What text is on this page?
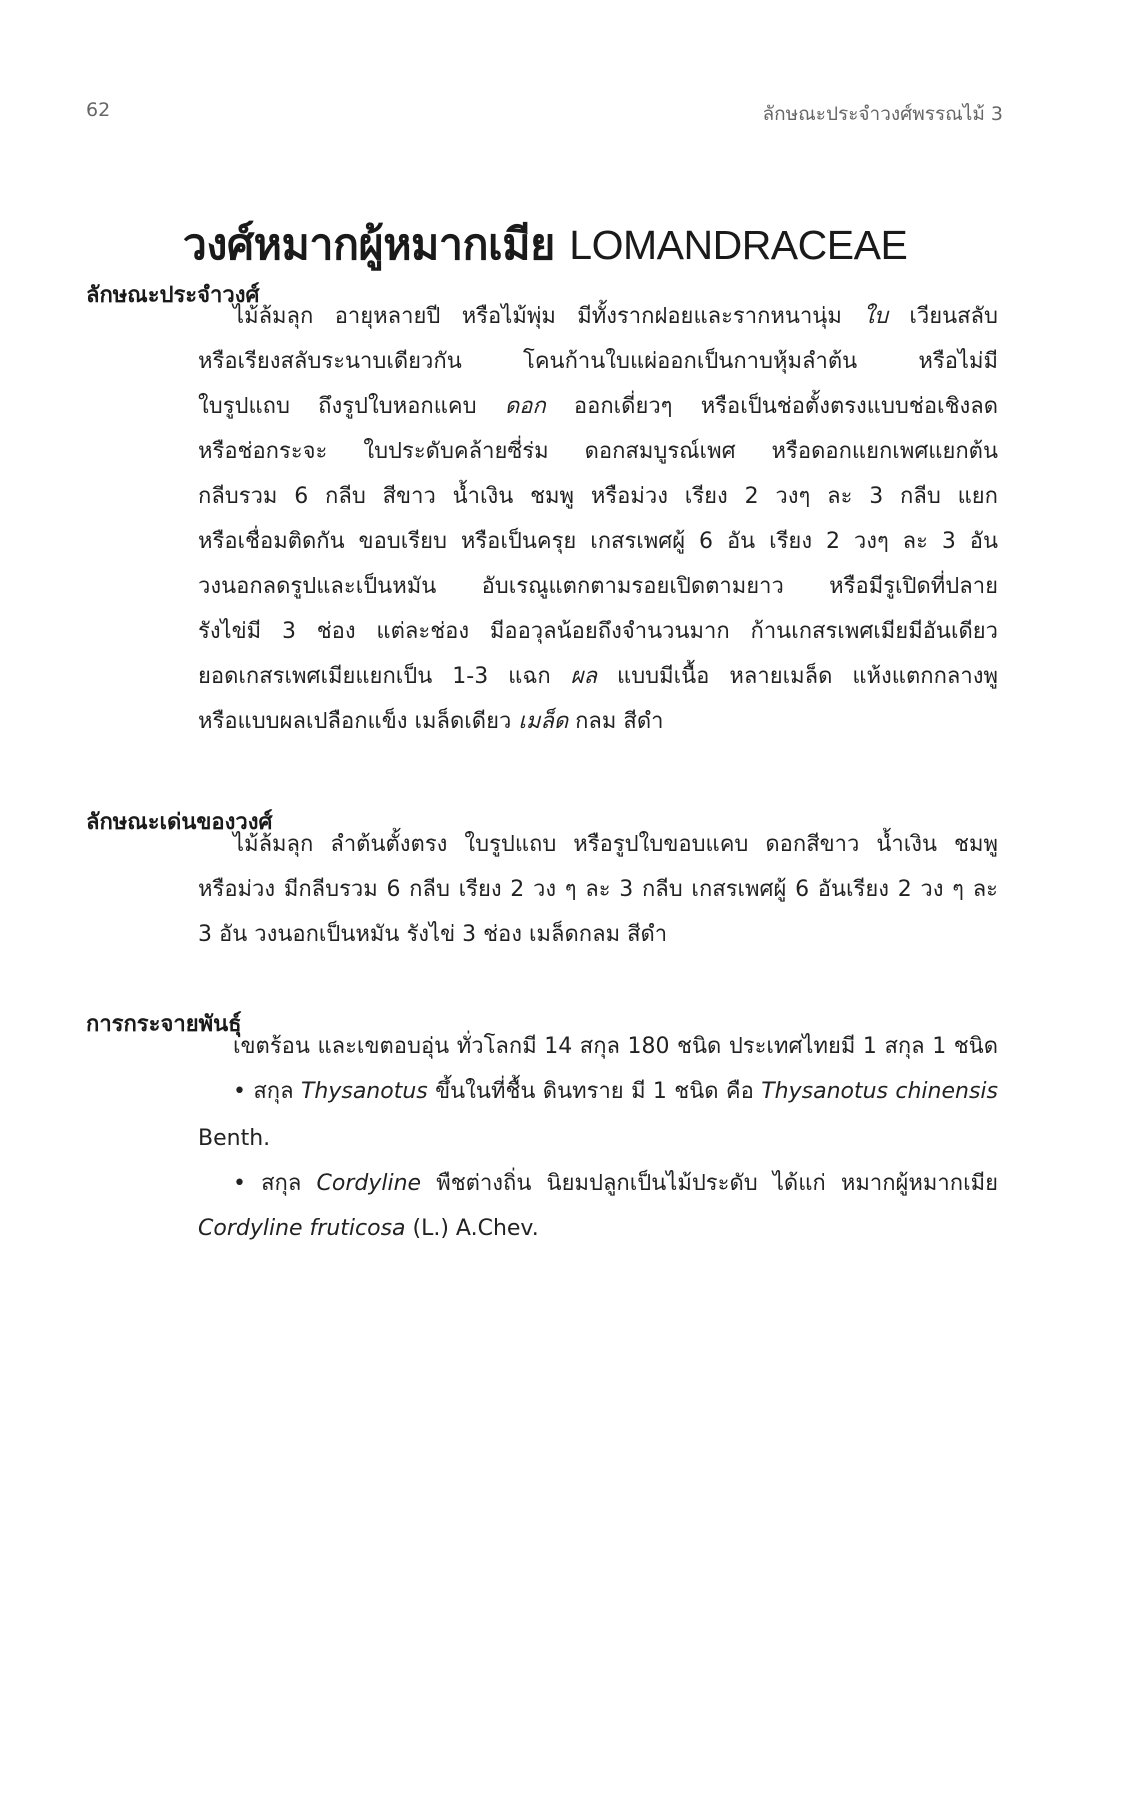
62	ลักษณะประจำวงศ์พรรณไม้ 3
วงศ์หมากผู้หมากเมีย LOMANDRACEAE
ลักษณะประจำวงศ์
ไม้ล้มลุก อายุหลายปี หรือไม้พุ่ม มีทั้งรากฝอยและรากหนานุ่ม ใบ เวียนสลับ
หรือเรียงสลับระนาบเดียวกัน โคนก้านใบแผ่ออกเป็นกาบหุ้มลำต้น หรือไม่มี
ใบรูปแถบ ถึงรูปใบหอกแคบ ดอก ออกเดี่ยวๆ หรือเป็นช่อตั้งตรงแบบช่อเชิงลด
หรือช่อกระจะ ใบประดับคล้ายซี่ร่ม ดอกสมบูรณ์เพศ หรือดอกแยกเพศแยกต้น
กลีบรวม 6 กลีบ สีขาว น้ำเงิน ชมพู หรือม่วง เรียง 2 วงๆ ละ 3 กลีบ แยก
หรือเชื่อมติดกัน ขอบเรียบ หรือเป็นครุย เกสรเพศผู้ 6 อัน เรียง 2 วงๆ ละ 3 อัน
วงนอกลดรูปและเป็นหมัน อับเรณูแตกตามรอยเปิดตามยาว หรือมีรูเปิดที่ปลาย
รังไข่มี 3 ช่อง แต่ละช่อง มีออวุลน้อยถึงจำนวนมาก ก้านเกสรเพศเมียมีอันเดียว
ยอดเกสรเพศเมียแยกเป็น 1-3 แฉก ผล แบบมีเนื้อ หลายเมล็ด แห้งแตกกลางพู
หรือแบบผลเปลือกแข็ง เมล็ดเดียว เมล็ด กลม สีดำ
ลักษณะเด่นของวงศ์
ไม้ล้มลุก ลำต้นตั้งตรง ใบรูปแถบ หรือรูปใบขอบแคบ ดอกสีขาว น้ำเงิน ชมพู
หรือม่วง มีกลีบรวม 6 กลีบ เรียง 2 วง ๆ ละ 3 กลีบ เกสรเพศผู้ 6 อันเรียง 2 วง ๆ ละ
3 อัน วงนอกเป็นหมัน รังไข่ 3 ช่อง เมล็ดกลม สีดำ
การกระจายพันธุ์
เขตร้อน และเขตอบอุ่น ทั่วโลกมี 14 สกุล 180 ชนิด ประเทศไทยมี 1 สกุล 1 ชนิด
• สกุล Thysanotus ขึ้นในที่ชื้น ดินทราย มี 1 ชนิด คือ Thysanotus chinensis
Benth.
• สกุล Cordyline พืชต่างถิ่น นิยมปลูกเป็นไม้ประดับ ได้แก่ หมากผู้หมากเมีย
Cordyline fruticosa (L.) A.Chev.
